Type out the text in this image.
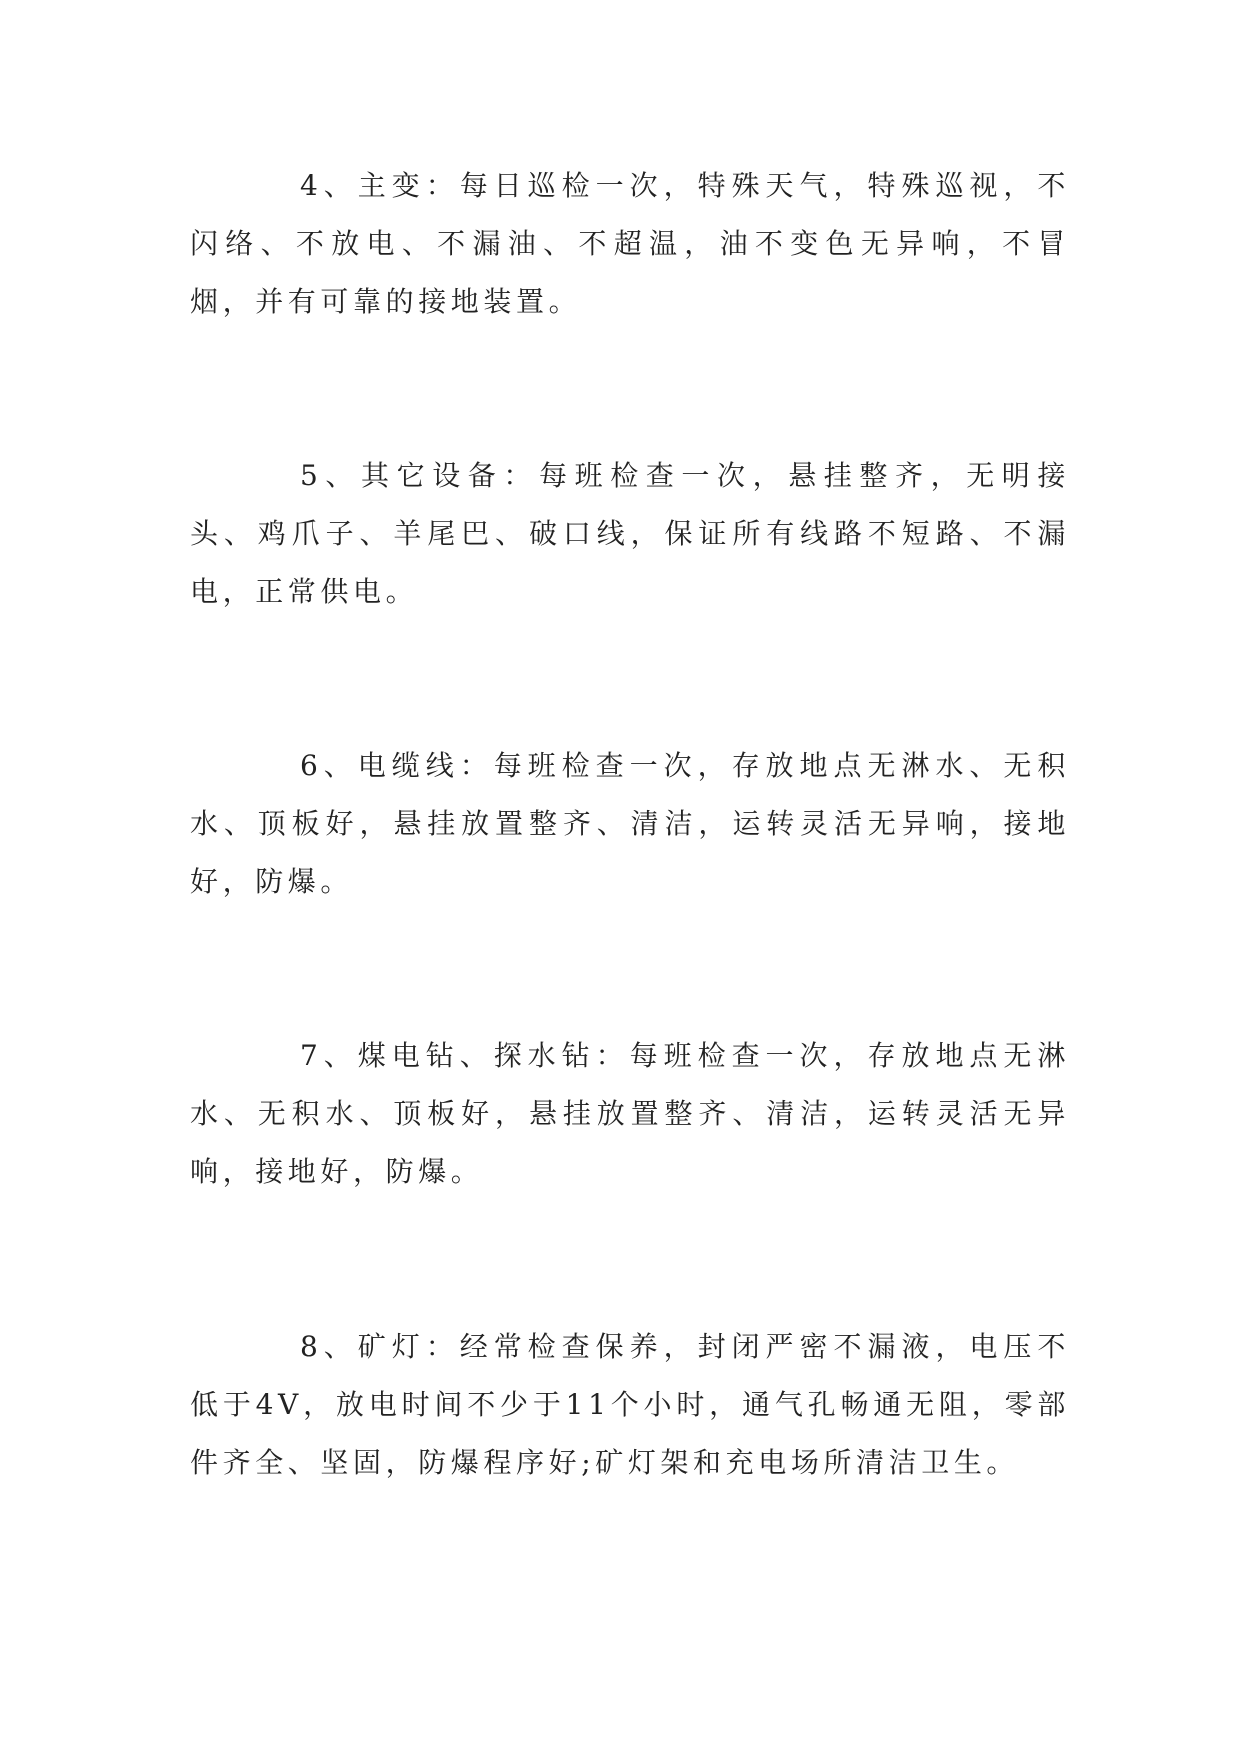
4、主变：每日巡检一次，特殊天气，特殊巡视，不闪络、不放电、不漏油、不超温，油不变色无异响，不冒烟，并有可靠的接地装置。

5、其它设备：每班检查一次，悬挂整齐，无明接头、鸡爪子、羊尾巴、破口线，保证所有线路不短路、不漏电，正常供电。

6、电缆线：每班检查一次，存放地点无淋水、无积水、顶板好，悬挂放置整齐、清洁，运转灵活无异响，接地好，防爆。

7、煤电钻、探水钻：每班检查一次，存放地点无淋水、无积水、顶板好，悬挂放置整齐、清洁，运转灵活无异响，接地好，防爆。

8、矿灯：经常检查保养，封闭严密不漏液，电压不低于4V，放电时间不少于11个小时，通气孔畅通无阻，零部件齐全、坚固，防爆程序好;矿灯架和充电场所清洁卫生。
